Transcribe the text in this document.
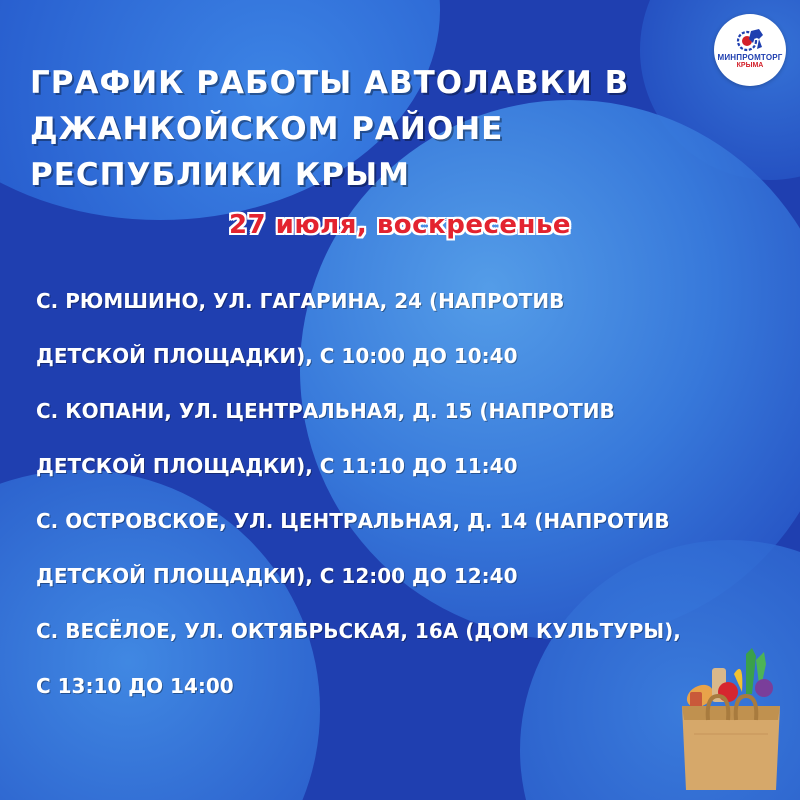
МИНПРОМТОРГ
КРЫМА
ГРАФИК РАБОТЫ АВТОЛАВКИ В ДЖАНКОЙСКОМ РАЙОНЕ РЕСПУБЛИКИ КРЫМ
27 июля, воскресенье
С. РЮМШИНО, УЛ. ГАГАРИНА, 24 (НАПРОТИВ
ДЕТСКОЙ ПЛОЩАДКИ), С 10:00 ДО 10:40
С. КОПАНИ, УЛ. ЦЕНТРАЛЬНАЯ, Д. 15 (НАПРОТИВ
ДЕТСКОЙ ПЛОЩАДКИ), С 11:10 ДО 11:40
С. ОСТРОВСКОЕ, УЛ. ЦЕНТРАЛЬНАЯ, Д. 14 (НАПРОТИВ
ДЕТСКОЙ ПЛОЩАДКИ), С 12:00 ДО 12:40
С. ВЕСЁЛОЕ, УЛ. ОКТЯБРЬСКАЯ, 16А (ДОМ КУЛЬТУРЫ),
С 13:10 ДО 14:00
